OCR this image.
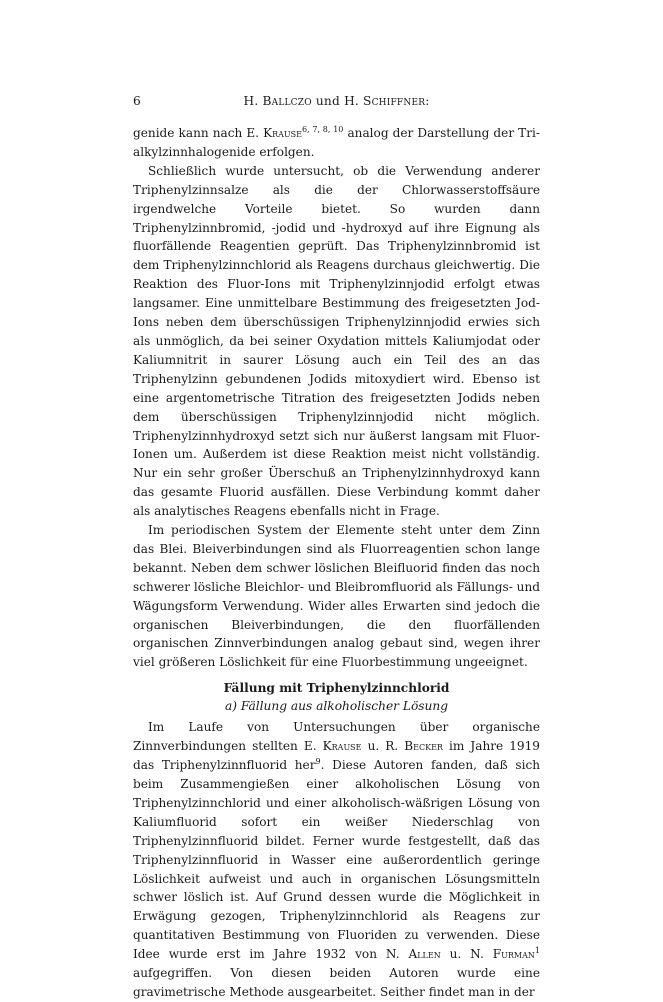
6	H. Ballczo und H. Schiffner:

genide kann nach E. Krause$^{6, 7, 8, 10}$ analog der Darstellung der Trialkylzinnhalogenide erfolgen.

Schließlich wurde untersucht, ob die Verwendung anderer Triphenylzinnsalze als die der Chlorwasserstoffsäure irgendwelche Vorteile bietet. So wurden dann Triphenylzinnbromid, -jodid und -hydroxyd auf ihre Eignung als fluorfällende Reagentien geprüft. Das Triphenylzinnbromid ist dem Triphenylzinnchlorid als Reagens durchaus gleichwertig. Die Reaktion des Fluor-Ions mit Triphenylzinnjodid erfolgt etwas langsamer. Eine unmittelbare Bestimmung des freigesetzten Jod-Ions neben dem überschüssigen Triphenylzinnjodid erwies sich als unmöglich, da bei seiner Oxydation mittels Kaliumjodat oder Kaliumnitrit in saurer Lösung auch ein Teil des an das Triphenylzinn gebundenen Jodids mitoxydiert wird. Ebenso ist eine argentometrische Titration des freigesetzten Jodids neben dem überschüssigen Triphenylzinnjodid nicht möglich. Triphenylzinnhydroxyd setzt sich nur äußerst langsam mit Fluor-Ionen um. Außerdem ist diese Reaktion meist nicht vollständig. Nur ein sehr großer Überschuß an Triphenylzinnhydroxyd kann das gesamte Fluorid ausfällen. Diese Verbindung kommt daher als analytisches Reagens ebenfalls nicht in Frage.

Im periodischen System der Elemente steht unter dem Zinn das Blei. Bleiverbindungen sind als Fluorreagentien schon lange bekannt. Neben dem schwer löslichen Bleifluorid finden das noch schwerer lösliche Bleichlor- und Bleibromfluorid als Fällungs- und Wägungsform Verwendung. Wider alles Erwarten sind jedoch die organischen Bleiverbindungen, die den fluorfällenden organischen Zinnverbindungen analog gebaut sind, wegen ihrer viel größeren Löslichkeit für eine Fluorbestimmung ungeeignet.

Fällung mit Triphenylzinnchlorid
a) Fällung aus alkoholischer Lösung

Im Laufe von Untersuchungen über organische Zinnverbindungen stellten E. Krause u. R. Becker im Jahre 1919 das Triphenylzinnfluorid her$^9$. Diese Autoren fanden, daß sich beim Zusammengießen einer alkoholischen Lösung von Triphenylzinnchlorid und einer alkoholisch-wäßrigen Lösung von Kaliumfluorid sofort ein weißer Niederschlag von Triphenylzinnfluorid bildet. Ferner wurde festgestellt, daß das Triphenylzinnfluorid in Wasser eine außerordentlich geringe Löslichkeit aufweist und auch in organischen Lösungsmitteln schwer löslich ist. Auf Grund dessen wurde die Möglichkeit in Erwägung gezogen, Triphenylzinnchlorid als Reagens zur quantitativen Bestimmung von Fluoriden zu verwenden. Diese Idee wurde erst im Jahre 1932 von N. Allen u. N. Furman$^1$ aufgegriffen. Von diesen beiden Autoren wurde eine gravimetrische Methode ausgearbeitet. Seither findet man in der
